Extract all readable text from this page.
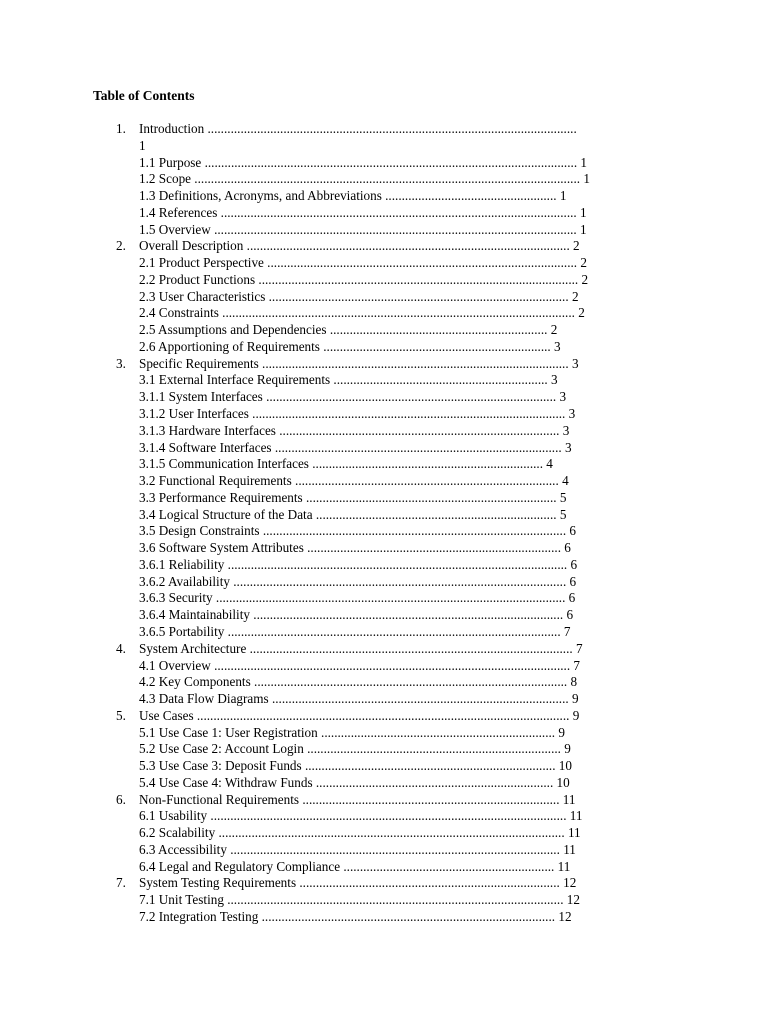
Table of Contents
1. Introduction ................................................................................................................
1
1.1 Purpose ................................................................................................................. 1
1.2 Scope ..................................................................................................................... 1
1.3 Definitions, Acronyms, and Abbreviations .................................................... 1
1.4 References ............................................................................................................ 1
1.5 Overview .............................................................................................................. 1
2. Overall Description .................................................................................................. 2
2.1 Product Perspective .............................................................................................. 2
2.2 Product Functions ................................................................................................. 2
2.3 User Characteristics ........................................................................................... 2
2.4 Constraints ........................................................................................................... 2
2.5 Assumptions and Dependencies .................................................................. 2
2.6 Apportioning of Requirements ..................................................................... 3
3. Specific Requirements ............................................................................................. 3
3.1 External Interface Requirements ................................................................. 3
3.1.1 System Interfaces ........................................................................................ 3
3.1.2 User Interfaces ............................................................................................... 3
3.1.3 Hardware Interfaces ..................................................................................... 3
3.1.4 Software Interfaces ....................................................................................... 3
3.1.5 Communication Interfaces ...................................................................... 4
3.2 Functional Requirements ................................................................................ 4
3.3 Performance Requirements ............................................................................ 5
3.4 Logical Structure of the Data ......................................................................... 5
3.5 Design Constraints ............................................................................................ 6
3.6 Software System Attributes ............................................................................. 6
3.6.1 Reliability ....................................................................................................... 6
3.6.2 Availability ..................................................................................................... 6
3.6.3 Security .......................................................................................................... 6
3.6.4 Maintainability .............................................................................................. 6
3.6.5 Portability ..................................................................................................... 7
4. System Architecture .................................................................................................. 7
4.1 Overview ............................................................................................................ 7
4.2 Key Components ............................................................................................... 8
4.3 Data Flow Diagrams .......................................................................................... 9
5. Use Cases ................................................................................................................. 9
5.1 Use Case 1: User Registration ....................................................................... 9
5.2 Use Case 2: Account Login ............................................................................. 9
5.3 Use Case 3: Deposit Funds ............................................................................ 10
5.4 Use Case 4: Withdraw Funds ........................................................................ 10
6. Non-Functional Requirements .............................................................................. 11
6.1 Usability ............................................................................................................ 11
6.2 Scalability ......................................................................................................... 11
6.3 Accessibility .................................................................................................... 11
6.4 Legal and Regulatory Compliance ................................................................ 11
7. System Testing Requirements ............................................................................... 12
7.1 Unit Testing ...................................................................................................... 12
7.2 Integration Testing ......................................................................................... 12
